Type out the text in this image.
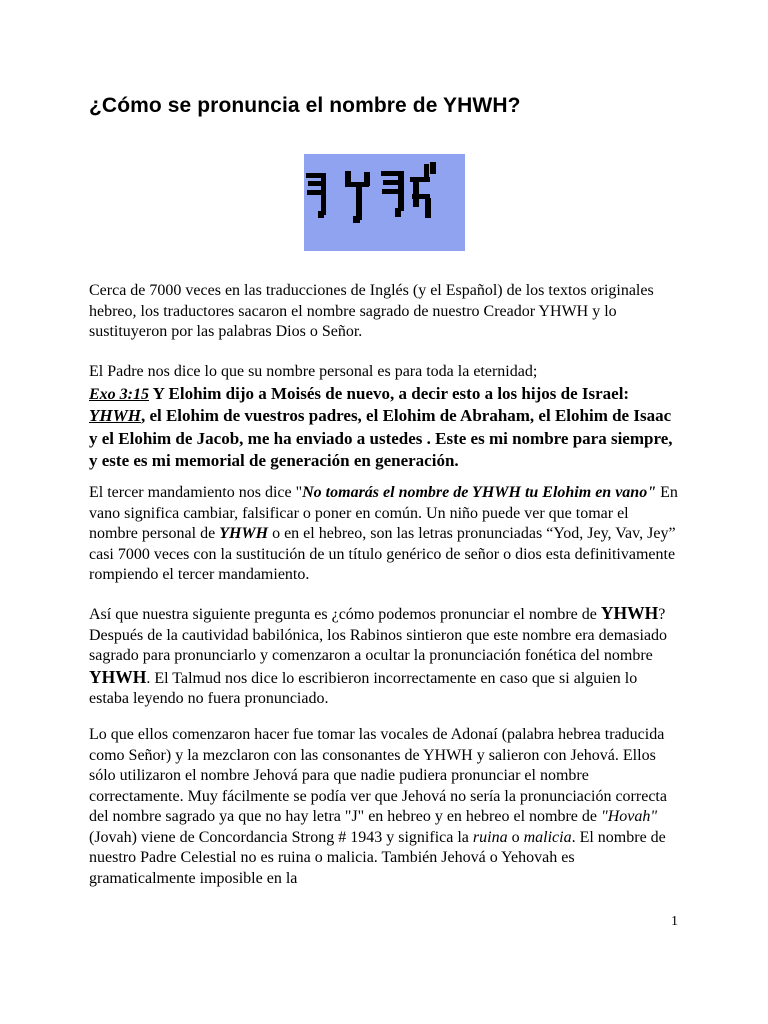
¿Cómo se pronuncia el nombre de YHWH?

Cerca de 7000 veces en las traducciones de Inglés (y el Español) de los textos originales hebreo, los traductores sacaron el nombre sagrado de nuestro Creador YHWH y lo sustituyeron por las palabras Dios o Señor.

El Padre nos dice lo que su nombre personal es para toda la eternidad;
Exo 3:15 Y Elohim dijo a Moisés de nuevo, a decir esto a los hijos de Israel: YHWH, el Elohim de vuestros padres, el Elohim de Abraham, el Elohim de Isaac y el Elohim de Jacob, me ha enviado a ustedes . Este es mi nombre para siempre, y este es mi memorial de generación en generación.

El tercer mandamiento nos dice "No tomarás el nombre de YHWH tu Elohim en vano" En vano significa cambiar, falsificar o poner en común. Un niño puede ver que tomar el nombre personal de YHWH o en el hebreo, son las letras pronunciadas “Yod, Jey, Vav, Jey” casi 7000 veces con la sustitución de un título genérico de señor o dios esta definitivamente rompiendo el tercer mandamiento.

Así que nuestra siguiente pregunta es ¿cómo podemos pronunciar el nombre de YHWH? Después de la cautividad babilónica, los Rabinos sintieron que este nombre era demasiado sagrado para pronunciarlo y comenzaron a ocultar la pronunciación fonética del nombre YHWH. El Talmud nos dice lo escribieron incorrectamente en caso que si alguien lo estaba leyendo no fuera pronunciado.

Lo que ellos comenzaron hacer fue tomar las vocales de Adonaí (palabra hebrea traducida como Señor) y la mezclaron con las consonantes de YHWH y salieron con Jehová. Ellos sólo utilizaron el nombre Jehová para que nadie pudiera pronunciar el nombre correctamente. Muy fácilmente se podía ver que Jehová no sería la pronunciación correcta del nombre sagrado ya que no hay letra "J" en hebreo y en hebreo el nombre de "Hovah"(Jovah) viene de Concordancia Strong # 1943 y significa la ruina o malicia. El nombre de nuestro Padre Celestial no es ruina o malicia. También Jehová o Yehovah es gramaticalmente imposible en la

1
